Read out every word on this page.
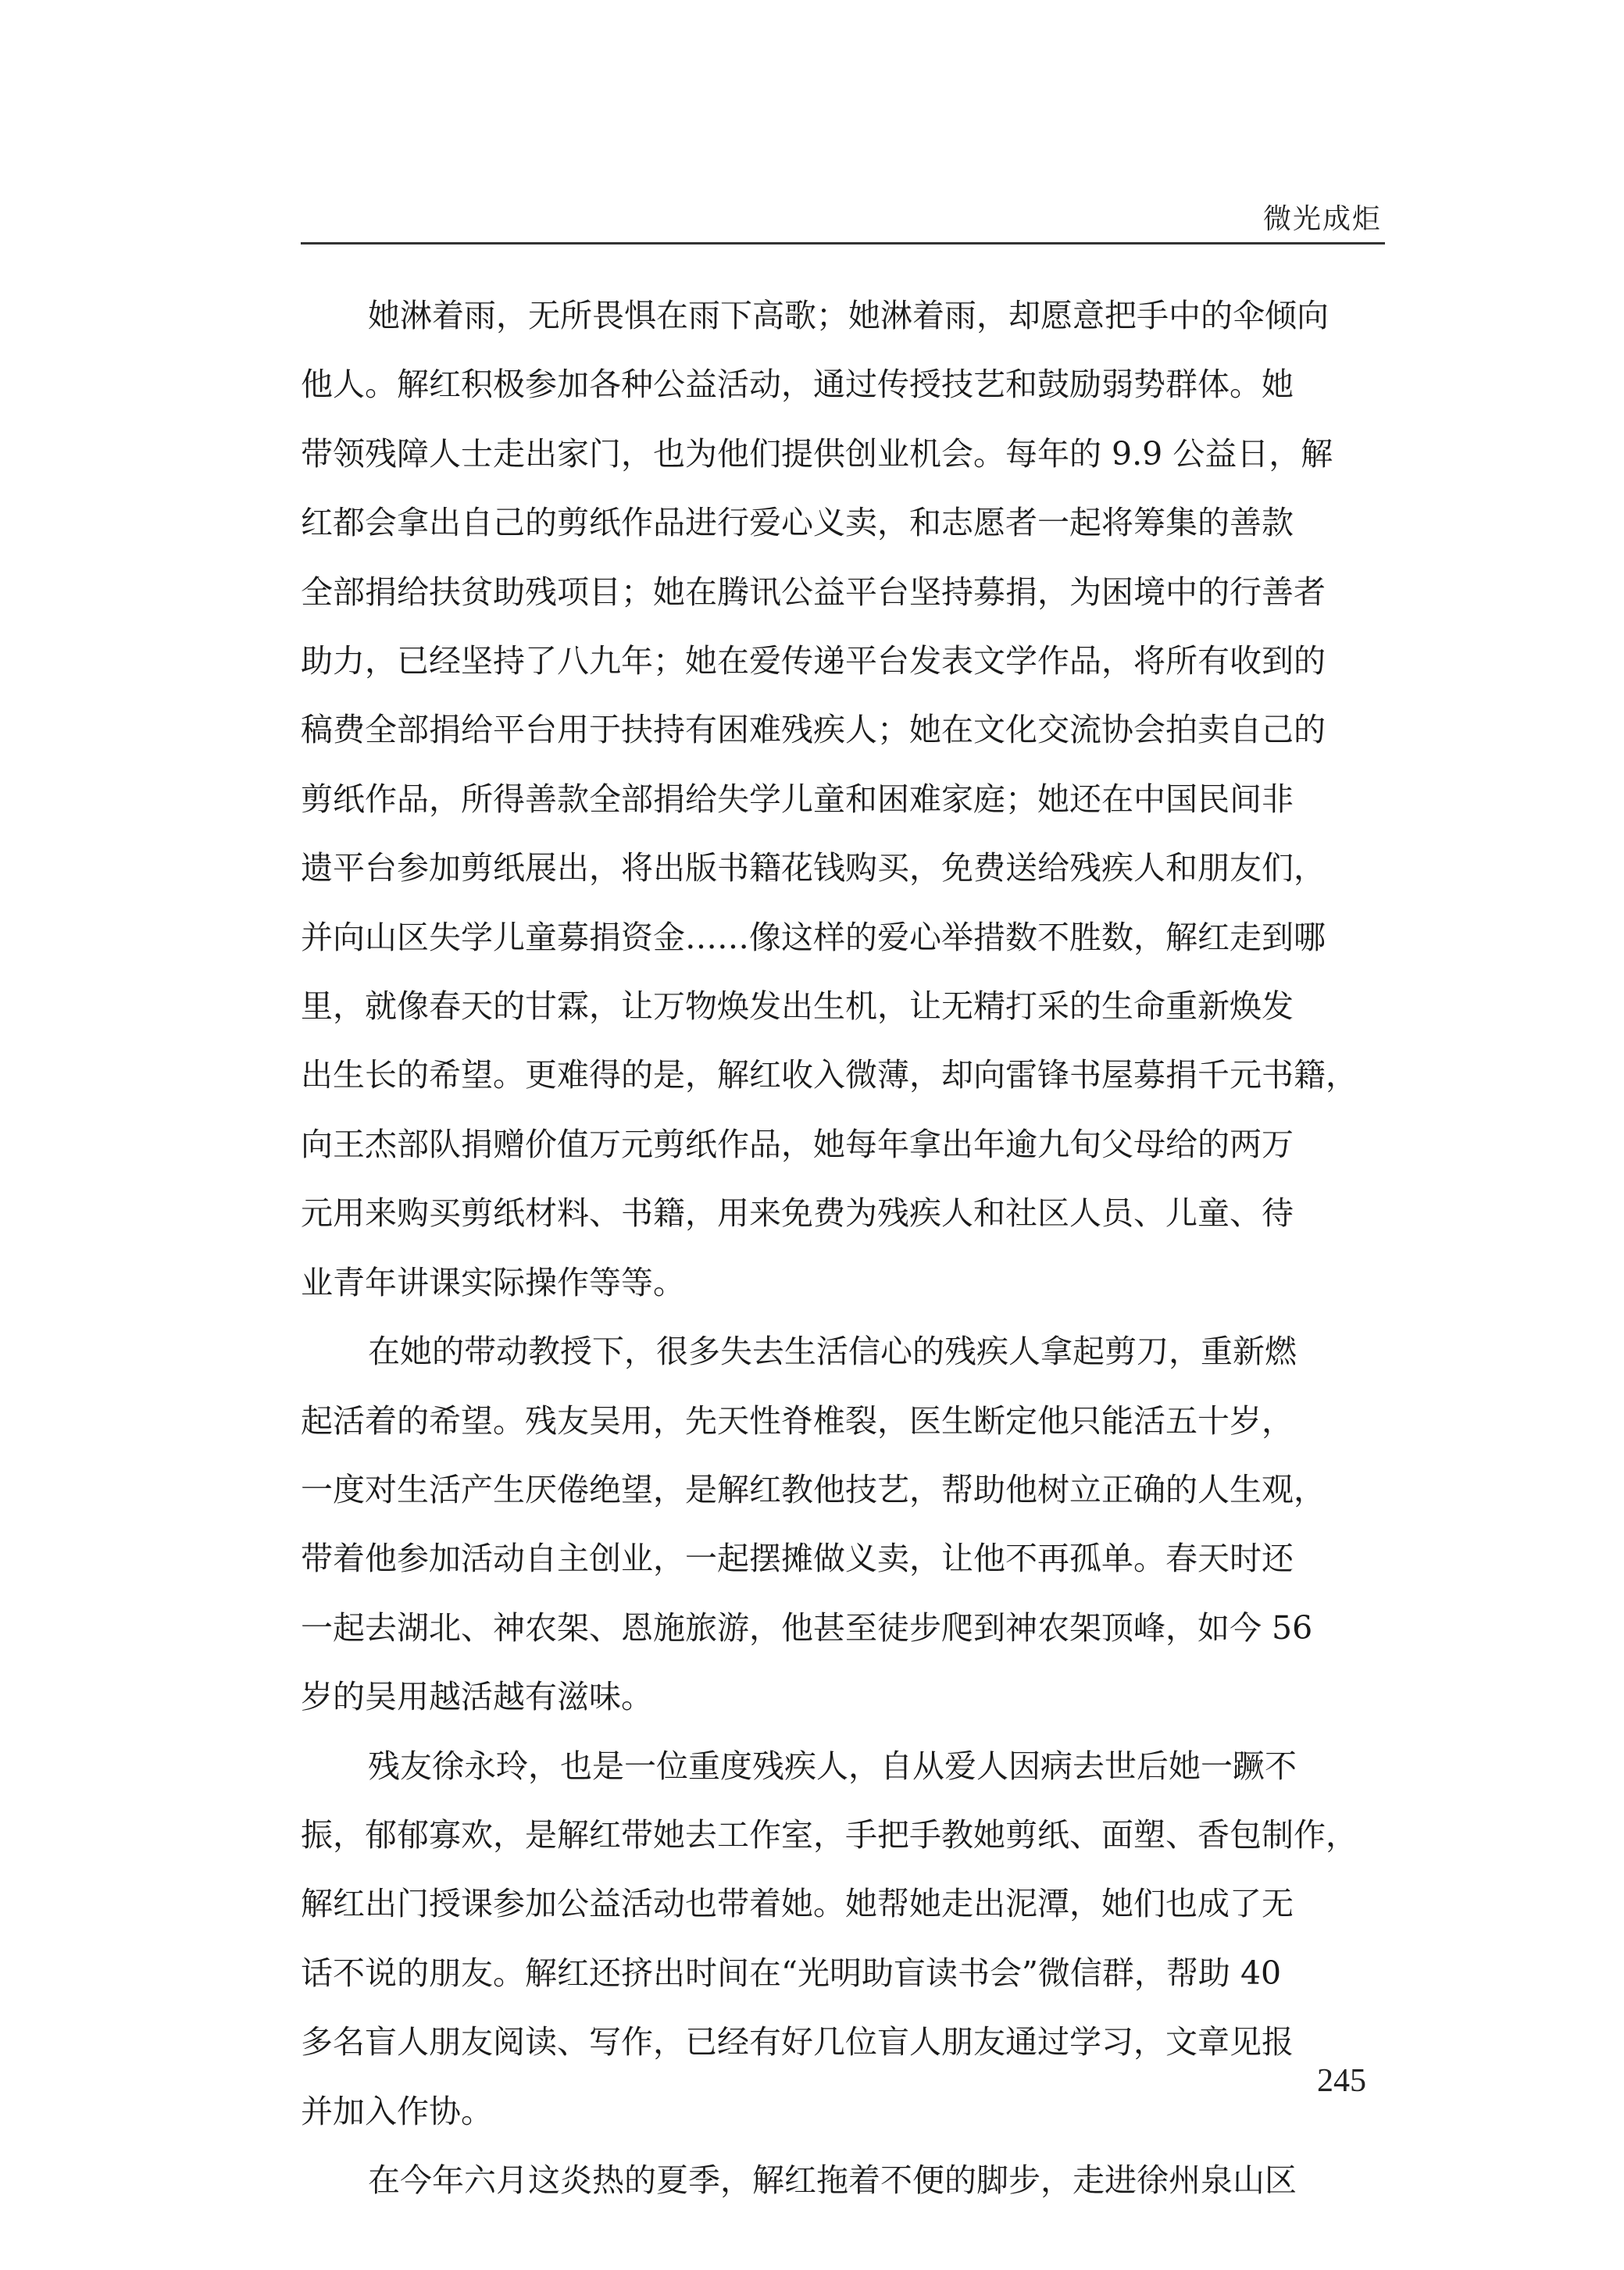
微光成炬
她淋着雨，无所畏惧在雨下高歌；她淋着雨，却愿意把手中的伞倾向
他人。解红积极参加各种公益活动，通过传授技艺和鼓励弱势群体。她
带领残障人士走出家门，也为他们提供创业机会。每年的 9.9 公益日，解
红都会拿出自己的剪纸作品进行爱心义卖，和志愿者一起将筹集的善款
全部捐给扶贫助残项目；她在腾讯公益平台坚持募捐，为困境中的行善者
助力，已经坚持了八九年；她在爱传递平台发表文学作品，将所有收到的
稿费全部捐给平台用于扶持有困难残疾人；她在文化交流协会拍卖自己的
剪纸作品，所得善款全部捐给失学儿童和困难家庭；她还在中国民间非
遗平台参加剪纸展出，将出版书籍花钱购买，免费送给残疾人和朋友们，
并向山区失学儿童募捐资金……像这样的爱心举措数不胜数，解红走到哪
里，就像春天的甘霖，让万物焕发出生机，让无精打采的生命重新焕发
出生长的希望。更难得的是，解红收入微薄，却向雷锋书屋募捐千元书籍，
向王杰部队捐赠价值万元剪纸作品，她每年拿出年逾九旬父母给的两万
元用来购买剪纸材料、书籍，用来免费为残疾人和社区人员、儿童、待
业青年讲课实际操作等等。
在她的带动教授下，很多失去生活信心的残疾人拿起剪刀，重新燃
起活着的希望。残友吴用，先天性脊椎裂，医生断定他只能活五十岁，
一度对生活产生厌倦绝望，是解红教他技艺，帮助他树立正确的人生观，
带着他参加活动自主创业，一起摆摊做义卖，让他不再孤单。春天时还
一起去湖北、神农架、恩施旅游，他甚至徒步爬到神农架顶峰，如今 56
岁的吴用越活越有滋味。
残友徐永玲，也是一位重度残疾人，自从爱人因病去世后她一蹶不
振，郁郁寡欢，是解红带她去工作室，手把手教她剪纸、面塑、香包制作，
解红出门授课参加公益活动也带着她。她帮她走出泥潭，她们也成了无
话不说的朋友。解红还挤出时间在“光明助盲读书会”微信群，帮助 40
多名盲人朋友阅读、写作，已经有好几位盲人朋友通过学习，文章见报
并加入作协。
在今年六月这炎热的夏季，解红拖着不便的脚步，走进徐州泉山区
245
